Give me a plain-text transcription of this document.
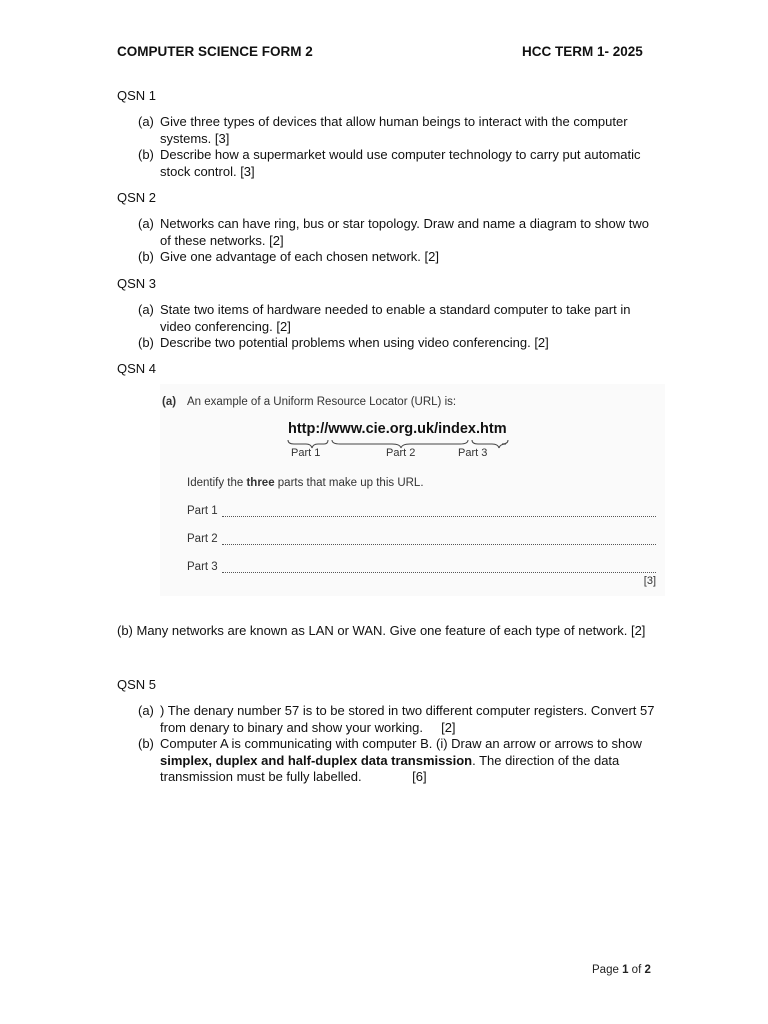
COMPUTER SCIENCE FORM 2	HCC TERM 1- 2025
QSN 1
(a) Give three types of devices that allow human beings to interact with the computer systems. [3]
(b) Describe how a supermarket would use computer technology to carry put automatic stock control. [3]
QSN 2
(a) Networks can have ring, bus or star topology. Draw and name a diagram to show two of these networks. [2]
(b) Give one advantage of each chosen network. [2]
QSN 3
(a) State two items of hardware needed to enable a standard computer to take part in video conferencing. [2]
(b) Describe two potential problems when using video conferencing. [2]
QSN 4
(a) An example of a Uniform Resource Locator (URL) is:
http://www.cie.org.uk/index.htm
Part 1	Part 2	Part 3
Identify the three parts that make up this URL.
Part 1
Part 2
Part 3
[3]
(b) Many networks are known as LAN or WAN. Give one feature of each type of network. [2]
QSN 5
(a) ) The denary number 57 is to be stored in two different computer registers. Convert 57 from denary to binary and show your working. [2]
(b) Computer A is communicating with computer B. (i) Draw an arrow or arrows to show simplex, duplex and half-duplex data transmission. The direction of the data transmission must be fully labelled.	[6]
Page 1 of 2
